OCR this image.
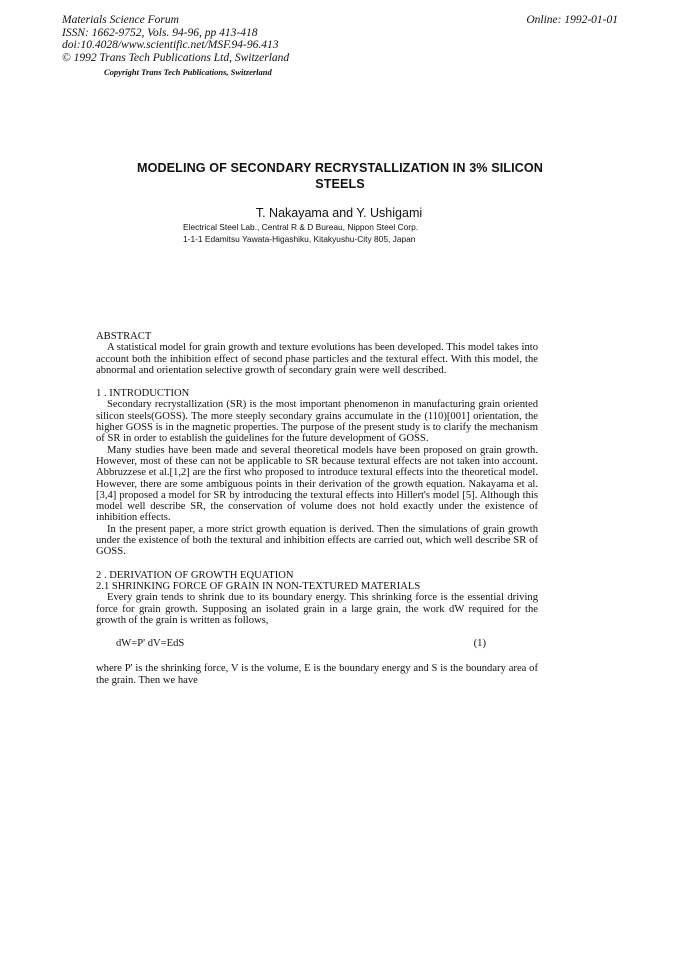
Materials Science Forum
ISSN: 1662-9752, Vols. 94-96, pp 413-418
doi:10.4028/www.scientific.net/MSF.94-96.413
© 1992 Trans Tech Publications Ltd, Switzerland
Online: 1992-01-01
Copyright Trans Tech Publications, Switzerland
MODELING OF SECONDARY RECRYSTALLIZATION IN 3% SILICON
STEELS
T. Nakayama and Y. Ushigami
Electrical Steel Lab., Central R & D Bureau, Nippon Steel Corp.
1-1-1 Edamitsu Yawata-Higashiku, Kitakyushu-City 805, Japan
ABSTRACT

A statistical model for grain growth and texture evolutions has been developed. This model takes into account both the inhibition effect of second phase particles and the textural effect. With this model, the abnormal and orientation selective growth of secondary grain were well described.

1 . INTRODUCTION

Secondary recrystallization (SR) is the most important phenomenon in manufacturing grain oriented silicon steels(GOSS). The more steeply secondary grains accumulate in the (110)[001] orientation, the higher GOSS is in the magnetic properties. The purpose of the present study is to clarify the mechanism of SR in order to establish the guidelines for the future development of GOSS.

Many studies have been made and several theoretical models have been proposed on grain growth. However, most of these can not be applicable to SR because textural effects are not taken into account. Abbruzzese et al.[1,2] are the first who proposed to introduce textural effects into the theoretical model. However, there are some ambiguous points in their derivation of the growth equation. Nakayama et al.[3,4] proposed a model for SR by introducing the textural effects into Hillert's model [5]. Although this model well describe SR, the conservation of volume does not hold exactly under the existence of inhibition effects.

In the present paper, a more strict growth equation is derived. Then the simulations of grain growth under the existence of both the textural and inhibition effects are carried out, which well describe SR of GOSS.

2 . DERIVATION OF GROWTH EQUATION
2.1 SHRINKING FORCE OF GRAIN IN NON-TEXTURED MATERIALS

Every grain tends to shrink due to its boundary energy. This shrinking force is the essential driving force for grain growth. Supposing an isolated grain in a large grain, the work dW required for the growth of the grain is written as follows,

dW=P' dV=EdS	(1)

where P' is the shrinking force, V is the volume, E is the boundary energy and S is the boundary area of the grain. Then we have
